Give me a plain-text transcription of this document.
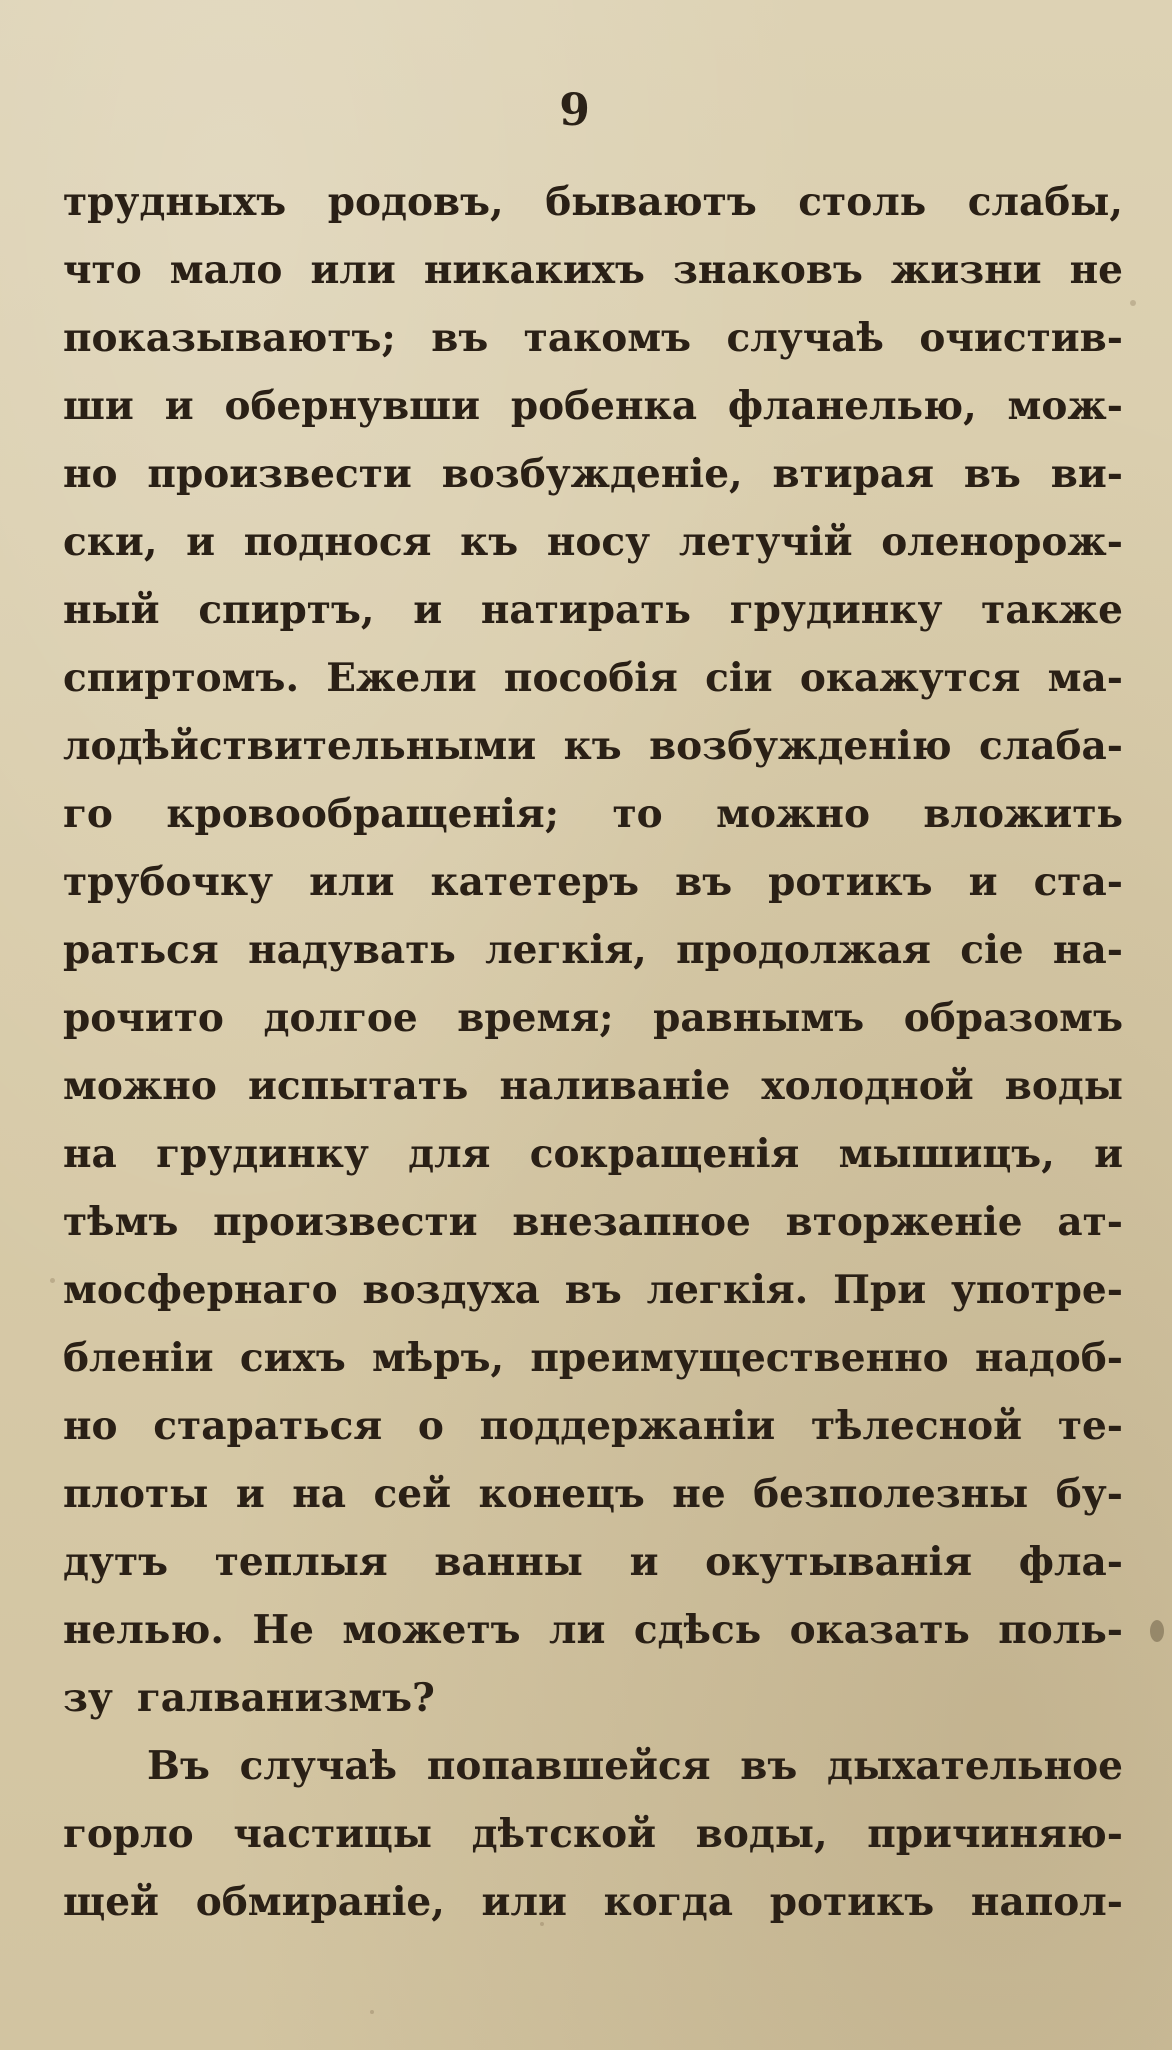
9
трудныхъ родовъ, бываютъ столь слабы,
что мало или никакихъ знаковъ жизни не
показываютъ; въ такомъ случаѣ очистив-
ши и обернувши робенка фланелью, мож-
но произвести возбужденіе, втирая въ ви-
ски, и поднося къ носу летучій оленорож-
ный спиртъ, и натирать грудинку также
спиртомъ. Ежели пособія сіи окажутся ма-
лодѣйствительными къ возбужденію слаба-
го кровообращенія; то можно вложить
трубочку или катетеръ въ ротикъ и ста-
раться надувать легкія, продолжая сіе на-
рочито долгое время; равнымъ образомъ
можно испытать наливаніе холодной воды
на грудинку для сокращенія мышицъ, и
тѣмъ произвести внезапное вторженіе ат-
мосфернаго воздуха въ легкія. При употре-
бленіи сихъ мѣръ, преимущественно надоб-
но стараться о поддержаніи тѣлесной те-
плоты и на сей конецъ не безполезны бу-
дутъ теплыя ванны и окутыванія фла-
нелью. Не можетъ ли сдѣсь оказать поль-
зу галванизмъ?
Въ случаѣ попавшейся въ дыхательное
горло частицы дѣтской воды, причиняю-
щей обмираніе, или когда ротикъ напол-
